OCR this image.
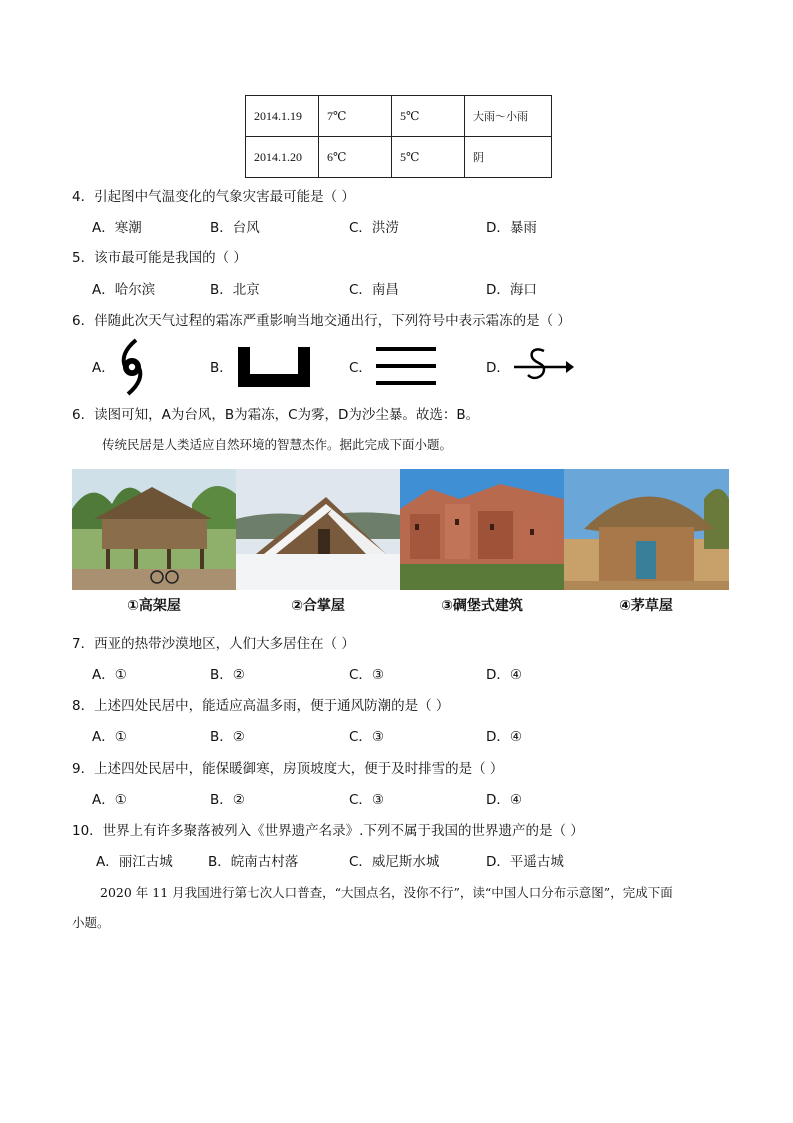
2014.1.19	7℃	5℃	大雨～小雨
2014.1.20	6℃	5℃	阴
4．引起图中气温变化的气象灾害最可能是（ ）
A．寒潮	B．台风	C．洪涝	D．暴雨
5．该市最可能是我国的（ ）
A．哈尔滨	B．北京	C．南昌	D．海口
6．伴随此次天气过程的霜冻严重影响当地交通出行，下列符号中表示霜冻的是（ ）
A．	B．	C．	D．
6．读图可知，A为台风，B为霜冻，C为雾，D为沙尘暴。故选：B。
传统民居是人类适应自然环境的智慧杰作。据此完成下面小题。
①高架屋	②合掌屋	③碉堡式建筑	④茅草屋
7．西亚的热带沙漠地区，人们大多居住在（ ）
A．①	B．②	C．③	D．④
8．上述四处民居中，能适应高温多雨，便于通风防潮的是（ ）
A．①	B．②	C．③	D．④
9．上述四处民居中，能保暖御寒，房顶坡度大，便于及时排雪的是（ ）
A．①	B．②	C．③	D．④
10．世界上有许多聚落被列入《世界遗产名录》.下列不属于我国的世界遗产的是（ ）
A．丽江古城	B．皖南古村落	C．威尼斯水城	D．平遥古城
2020 年 11 月我国进行第七次人口普查，“大国点名，没你不行”，读“中国人口分布示意图”，完成下面
小题。
